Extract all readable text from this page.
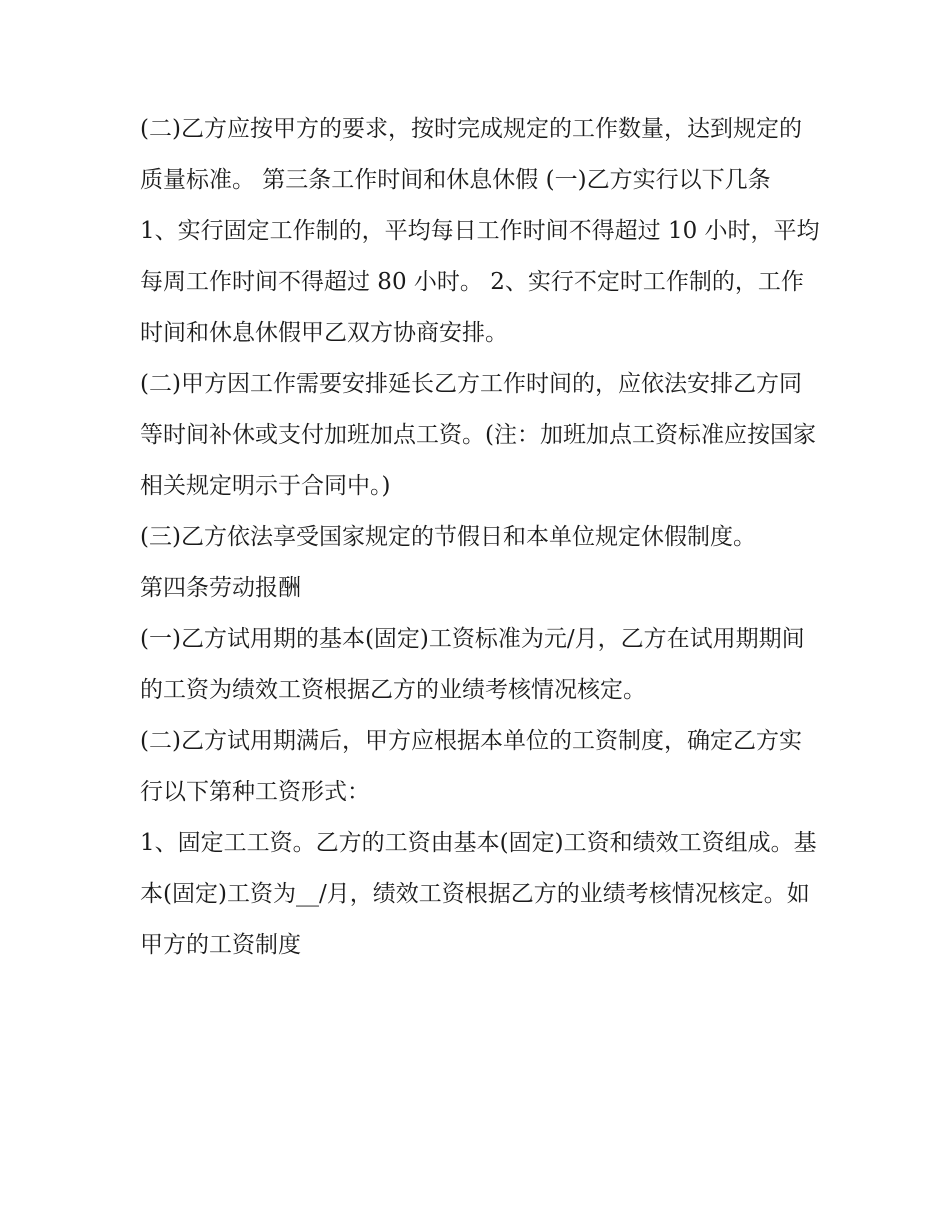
(二)乙方应按甲方的要求，按时完成规定的工作数量，达到规定的质量标准。 第三条工作时间和休息休假 (一)乙方实行以下几条

1、实行固定工作制的，平均每日工作时间不得超过 10 小时，平均每周工作时间不得超过 80 小时。 2、实行不定时工作制的，工作时间和休息休假甲乙双方协商安排。

(二)甲方因工作需要安排延长乙方工作时间的，应依法安排乙方同等时间补休或支付加班加点工资。(注：加班加点工资标准应按国家相关规定明示于合同中。)

(三)乙方依法享受国家规定的节假日和本单位规定休假制度。

第四条劳动报酬

(一)乙方试用期的基本(固定)工资标准为元/月，乙方在试用期期间的工资为绩效工资根据乙方的业绩考核情况核定。

(二)乙方试用期满后，甲方应根据本单位的工资制度，确定乙方实行以下第种工资形式：

1、固定工工资。乙方的工资由基本(固定)工资和绩效工资组成。基本(固定)工资为__/月，绩效工资根据乙方的业绩考核情况核定。如甲方的工资制度
